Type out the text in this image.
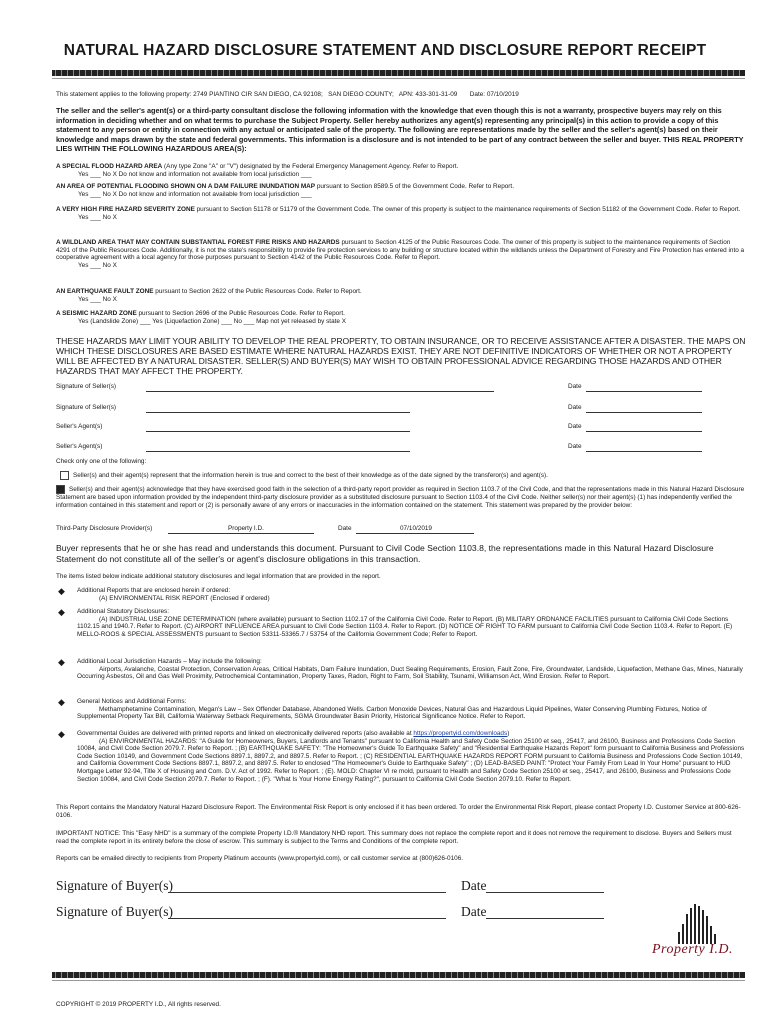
NATURAL HAZARD DISCLOSURE STATEMENT AND DISCLOSURE REPORT RECEIPT
This statement applies to the following property: 2749 PIANTINO CIR SAN DIEGO, CA 92108; SAN DIEGO COUNTY; APN: 433-301-31-09 Date: 07/10/2019
The seller and the seller's agent(s) or a third-party consultant disclose the following information with the knowledge that even though this is not a warranty, prospective buyers may rely on this information in deciding whether and on what terms to purchase the Subject Property. Seller hereby authorizes any agent(s) representing any principal(s) in this action to provide a copy of this statement to any person or entity in connection with any actual or anticipated sale of the property. The following are representations made by the seller and the seller's agent(s) based on their knowledge and maps drawn by the state and federal governments. This information is a disclosure and is not intended to be part of any contract between the seller and buyer. THIS REAL PROPERTY LIES WITHIN THE FOLLOWING HAZARDOUS AREA(S):
A SPECIAL FLOOD HAZARD AREA (Any type Zone "A" or "V") designated by the Federal Emergency Management Agency. Refer to Report.
Yes ___ No X Do not know and information not available from local jurisdiction ___
AN AREA OF POTENTIAL FLOODING SHOWN ON A DAM FAILURE INUNDATION MAP pursuant to Section 8589.5 of the Government Code. Refer to Report.
Yes ___ No X Do not know and information not available from local jurisdiction ___
A VERY HIGH FIRE HAZARD SEVERITY ZONE pursuant to Section 51178 or 51179 of the Government Code. The owner of this property is subject to the maintenance requirements of Section 51182 of the Government Code. Refer to Report.
Yes ___ No X
A WILDLAND AREA THAT MAY CONTAIN SUBSTANTIAL FOREST FIRE RISKS AND HAZARDS pursuant to Section 4125 of the Public Resources Code. The owner of this property is subject to the maintenance requirements of Section 4291 of the Public Resources Code. Additionally, it is not the state's responsibility to provide fire protection services to any building or structure located within the wildlands unless the Department of Forestry and Fire Protection has entered into a cooperative agreement with a local agency for those purposes pursuant to Section 4142 of the Public Resources Code. Refer to Report.
Yes ___ No X
AN EARTHQUAKE FAULT ZONE pursuant to Section 2622 of the Public Resources Code. Refer to Report.
Yes ___ No X
A SEISMIC HAZARD ZONE pursuant to Section 2696 of the Public Resources Code. Refer to Report.
Yes (Landslide Zone) ___ Yes (Liquefaction Zone) ___ No ___ Map not yet released by state X
THESE HAZARDS MAY LIMIT YOUR ABILITY TO DEVELOP THE REAL PROPERTY, TO OBTAIN INSURANCE, OR TO RECEIVE ASSISTANCE AFTER A DISASTER. THE MAPS ON WHICH THESE DISCLOSURES ARE BASED ESTIMATE WHERE NATURAL HAZARDS EXIST. THEY ARE NOT DEFINITIVE INDICATORS OF WHETHER OR NOT A PROPERTY WILL BE AFFECTED BY A NATURAL DISASTER. SELLER(S) AND BUYER(S) MAY WISH TO OBTAIN PROFESSIONAL ADVICE REGARDING THOSE HAZARDS AND OTHER HAZARDS THAT MAY AFFECT THE PROPERTY.
Signature of Seller(s)	Date
Signature of Seller(s)	Date
Seller's Agent(s)	Date
Seller's Agent(s)	Date
Check only one of the following:
Seller(s) and their agent(s) represent that the information herein is true and correct to the best of their knowledge as of the date signed by the transferor(s) and agent(s).
Seller(s) and their agent(s) acknowledge that they have exercised good faith in the selection of a third-party report provider as required in Section 1103.7 of the Civil Code, and that the representations made in this Natural Hazard Disclosure Statement are based upon information provided by the independent third-party disclosure provider as a substituted disclosure pursuant to Section 1103.4 of the Civil Code. Neither seller(s) nor their agent(s) (1) has independently verified the information contained in this statement and report or (2) is personally aware of any errors or inaccuracies in the information contained on the statement. This statement was prepared by the provider below:
Third-Party Disclosure Provider(s)	Property I.D.	Date	07/10/2019
Buyer represents that he or she has read and understands this document. Pursuant to Civil Code Section 1103.8, the representations made in this Natural Hazard Disclosure Statement do not constitute all of the seller's or agent's disclosure obligations in this transaction.
The items listed below indicate additional statutory disclosures and legal information that are provided in the report.
◆ Additional Reports that are enclosed herein if ordered:
(A) ENVIRONMENTAL RISK REPORT (Enclosed if ordered)
◆ Additional Statutory Disclosures:
(A) INDUSTRIAL USE ZONE DETERMINATION (where available) pursuant to Section 1102.17 of the California Civil Code. Refer to Report. (B) MILITARY ORDNANCE FACILITIES pursuant to California Civil Code Sections 1102.15 and 1940.7. Refer to Report. (C) AIRPORT INFLUENCE AREA pursuant to Civil Code Section 1103.4. Refer to Report. (D) NOTICE OF RIGHT TO FARM pursuant to California Civil Code Section 1103.4. Refer to Report. (E) MELLO-ROOS & SPECIAL ASSESSMENTS pursuant to Section 53311-53365.7 / 53754 of the California Government Code; Refer to Report.
◆ Additional Local Jurisdiction Hazards – May include the following:
Airports, Avalanche, Coastal Protection, Conservation Areas, Critical Habitats, Dam Failure Inundation, Duct Sealing Requirements, Erosion, Fault Zone, Fire, Groundwater, Landslide, Liquefaction, Methane Gas, Mines, Naturally Occurring Asbestos, Oil and Gas Well Proximity, Petrochemical Contamination, Property Taxes, Radon, Right to Farm, Soil Stability, Tsunami, Williamson Act, Wind Erosion. Refer to Report.
◆ General Notices and Additional Forms:
Methamphetamine Contamination, Megan's Law – Sex Offender Database, Abandoned Wells. Carbon Monoxide Devices, Natural Gas and Hazardous Liquid Pipelines, Water Conserving Plumbing Fixtures, Notice of Supplemental Property Tax Bill, California Waterway Setback Requirements, SGMA Groundwater Basin Priority, Historical Significance Notice. Refer to Report.
◆ Governmental Guides are delivered with printed reports and linked on electronically delivered reports (also available at https://propertyid.com/downloads)
(A) ENVIRONMENTAL HAZARDS: "A Guide for Homeowners, Buyers, Landlords and Tenants" pursuant to California Health and Safety Code Section 25100 et seq., 25417, and 26100, Business and Professions Code Section 10084, and Civil Code Section 2079.7. Refer to Report. ; (B) EARTHQUAKE SAFETY: "The Homeowner's Guide To Earthquake Safety" and "Residential Earthquake Hazards Report" form pursuant to California Business and Professions Code Section 10149, and Government Code Sections 8897.1, 8897.2, and 8897.5. Refer to Report. ; (C) RESIDENTIAL EARTHQUAKE HAZARDS REPORT FORM pursuant to California Business and Professions Code Section 10149, and California Government Code Sections 8897.1, 8897.2, and 8897.5. Refer to enclosed "The Homeowner's Guide to Earthquake Safety" ; (D) LEAD-BASED PAINT: "Protect Your Family From Lead In Your Home" pursuant to HUD Mortgage Letter 92-94, Title X of Housing and Com. D.V. Act of 1992. Refer to Report. ; (E). MOLD: Chapter VI re mold, pursuant to Health and Safety Code Section 25100 et seq., 25417, and 26100, Business and Professions Code Section 10084, and Civil Code Section 2079.7. Refer to Report. ; (F). "What Is Your Home Energy Rating?", pursuant to California Civil Code Section 2079.10. Refer to Report.
This Report contains the Mandatory Natural Hazard Disclosure Report. The Environmental Risk Report is only enclosed if it has been ordered. To order the Environmental Risk Report, please contact Property I.D. Customer Service at 800-626-0106.
IMPORTANT NOTICE: This "Easy NHD" is a summary of the complete Property I.D.® Mandatory NHD report. This summary does not replace the complete report and it does not remove the requirement to disclose. Buyers and Sellers must read the complete report in its entirety before the close of escrow. This summary is subject to the Terms and Conditions of the complete report.
Reports can be emailed directly to recipients from Property Platinum accounts (www.propertyid.com), or call customer service at (800)626-0106.
Signature of Buyer(s)	Date
Signature of Buyer(s)	Date
Property I.D.
COPYRIGHT © 2019 PROPERTY I.D., All rights reserved.
